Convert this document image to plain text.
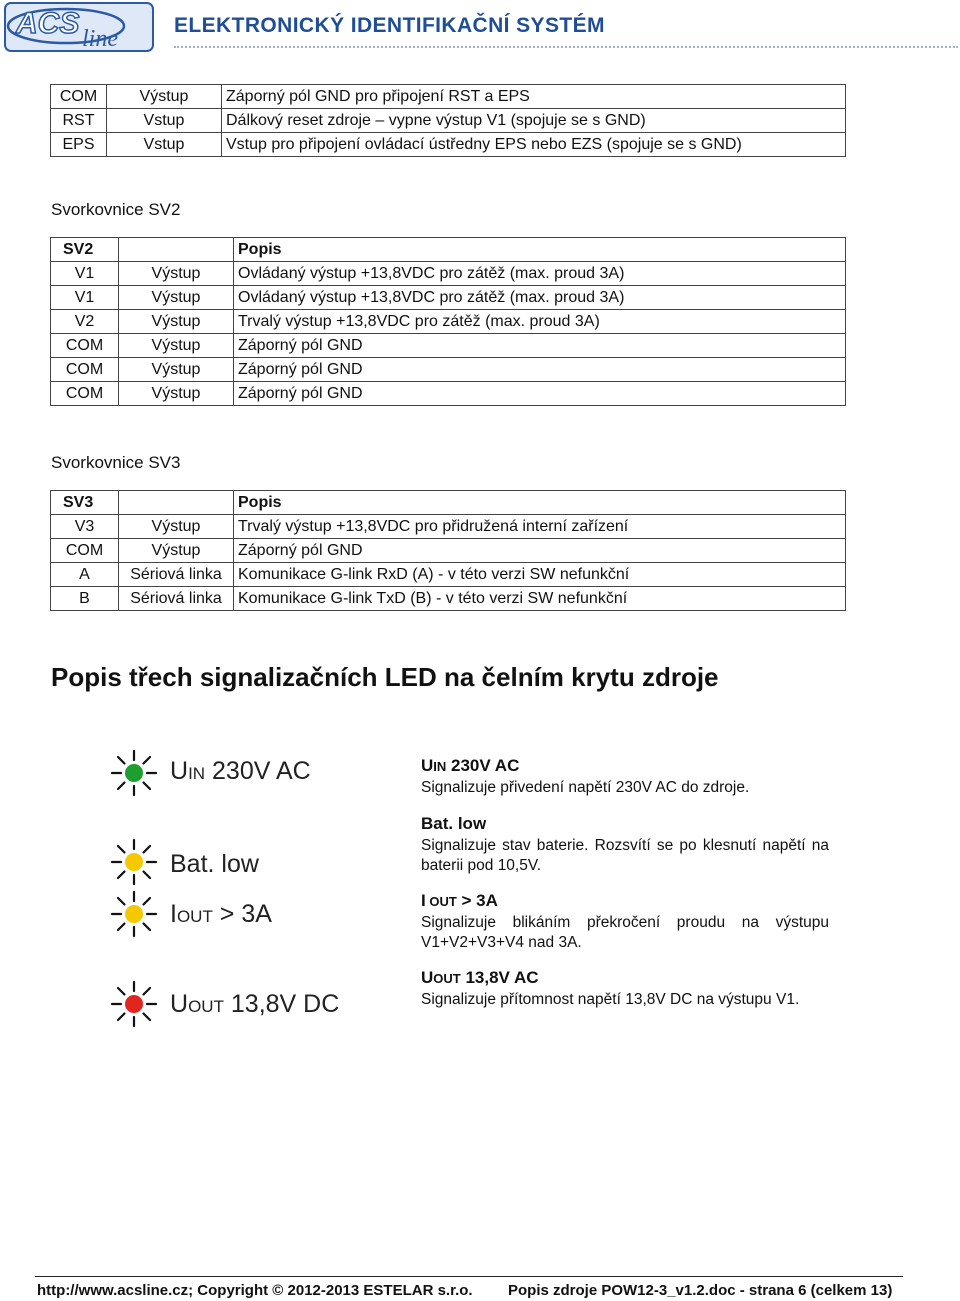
ACS line
ELEKTRONICKÝ IDENTIFIKAČNÍ SYSTÉM
COM	Výstup	Záporný pól GND pro připojení RST a EPS
RST	Vstup	Dálkový reset zdroje – vypne výstup V1 (spojuje se s GND)
EPS	Vstup	Vstup pro připojení ovládací ústředny EPS nebo EZS (spojuje se s GND)
Svorkovnice SV2
SV2		Popis
V1	Výstup	Ovládaný výstup +13,8VDC pro zátěž (max. proud 3A)
V1	Výstup	Ovládaný výstup +13,8VDC pro zátěž (max. proud 3A)
V2	Výstup	Trvalý výstup +13,8VDC pro zátěž (max. proud 3A)
COM	Výstup	Záporný pól GND
COM	Výstup	Záporný pól GND
COM	Výstup	Záporný pól GND
Svorkovnice SV3
SV3		Popis
V3	Výstup	Trvalý výstup +13,8VDC pro přidružená interní zařízení
COM	Výstup	Záporný pól GND
A	Sériová linka	Komunikace G-link RxD (A) - v této verzi SW nefunkční
B	Sériová linka	Komunikace G-link TxD (B) - v této verzi SW nefunkční
Popis třech signalizačních LED na čelním krytu zdroje
UIN 230V AC
Bat. low
IOUT > 3A
UOUT 13,8V DC
UIN 230V AC
Signalizuje přivedení napětí 230V AC do zdroje.
Bat. low
Signalizuje stav baterie. Rozsvítí se po klesnutí napětí na baterii pod 10,5V.
I OUT > 3A
Signalizuje blikáním překročení proudu na výstupu V1+V2+V3+V4 nad 3A.
UOUT 13,8V AC
Signalizuje přítomnost napětí 13,8V DC na výstupu V1.
http://www.acsline.cz; Copyright © 2012-2013 ESTELAR s.r.o. Popis zdroje POW12-3_v1.2.doc - strana 6 (celkem 13)
